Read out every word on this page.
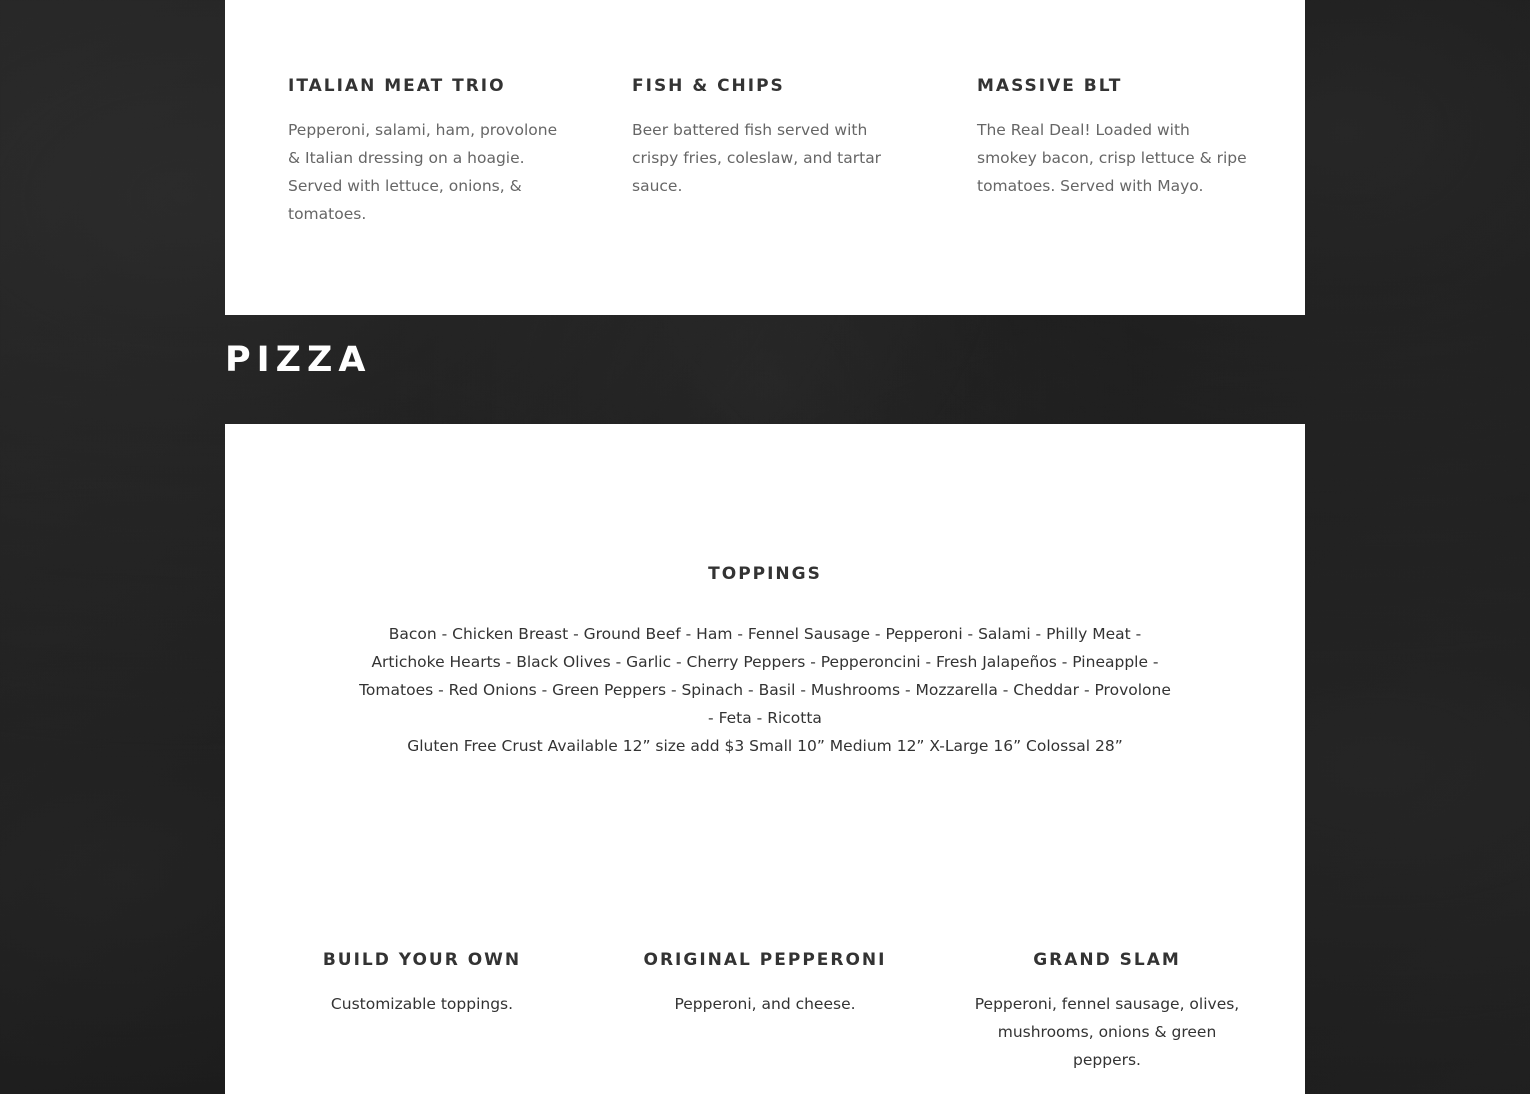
ITALIAN MEAT TRIO

Pepperoni, salami, ham, provolone & Italian dressing on a hoagie. Served with lettuce, onions, & tomatoes.

FISH & CHIPS

Beer battered fish served with crispy fries, coleslaw, and tartar sauce.

MASSIVE BLT

The Real Deal! Loaded with smokey bacon, crisp lettuce & ripe tomatoes. Served with Mayo.

PIZZA
TOPPINGS

Bacon - Chicken Breast - Ground Beef - Ham - Fennel Sausage - Pepperoni - Salami - Philly Meat - Artichoke Hearts - Black Olives - Garlic - Cherry Peppers - Pepperoncini - Fresh Jalapeños - Pineapple - Tomatoes - Red Onions - Green Peppers - Spinach - Basil - Mushrooms - Mozzarella - Cheddar - Provolone - Feta - Ricotta

Gluten Free Crust Available 12” size add $3 Small 10” Medium 12” X-Large 16” Colossal 28”

BUILD YOUR OWN

Customizable toppings.

ORIGINAL PEPPERONI

Pepperoni, and cheese.

GRAND SLAM

Pepperoni, fennel sausage, olives, mushrooms, onions & green peppers.
